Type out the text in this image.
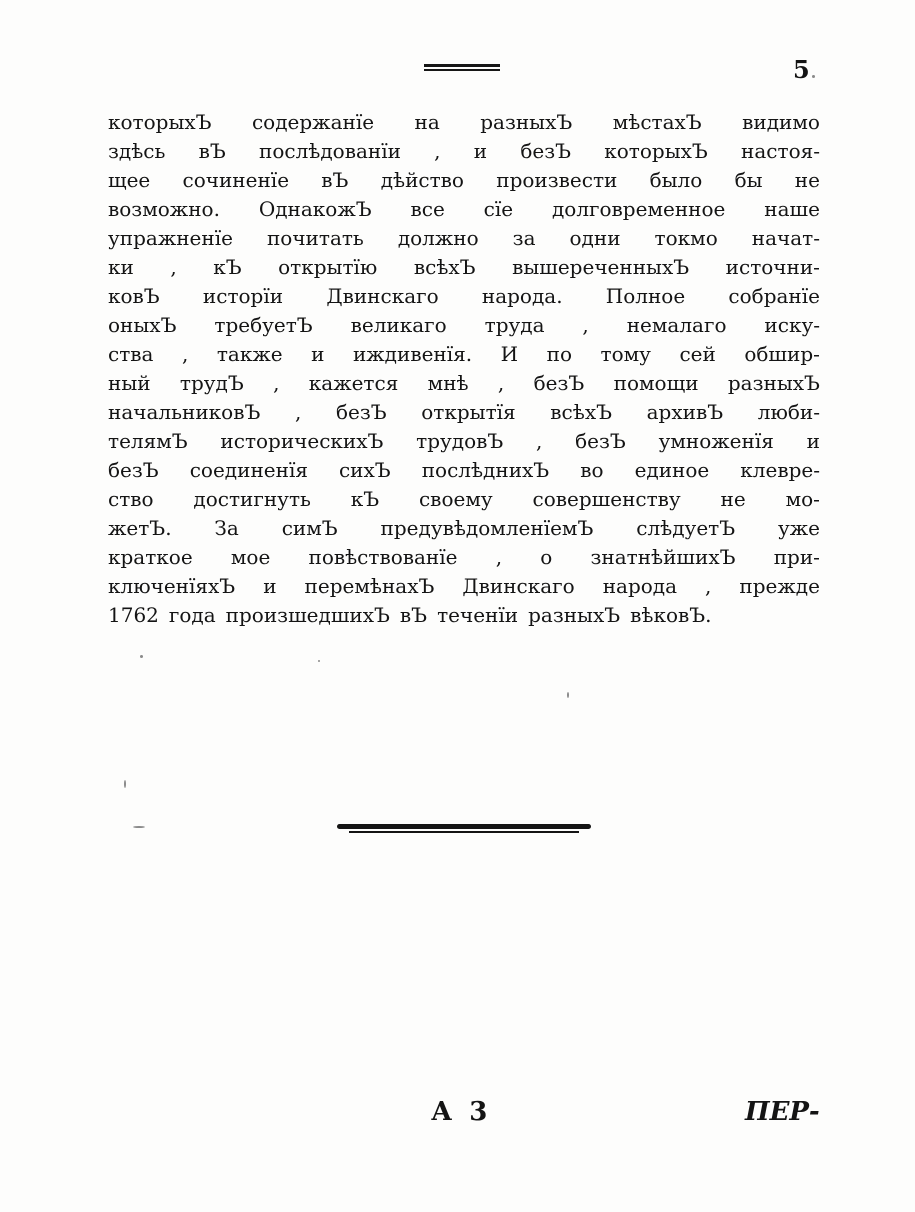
5
которыхЪ содержанїе на разныхЪ мѣстахЪ видимо
здѣсь вЪ послѣдованїи , и безЪ которыхЪ настоя-
щее сочиненїе вЪ дѣйство произвести было бы не
возможно. ОднакожЪ все сїе долговременное наше
упражненїе почитать должно за одни токмо начат-
ки , кЪ открытїю всѣхЪ вышереченныхЪ источни-
ковЪ исторїи Двинскаго народа. Полное собранїе
оныхЪ требуетЪ великаго труда , немалаго иску-
ства , такжe и иждивенїя. И по тому сей обшир-
ный трудЪ , кажется мнѣ , безЪ помощи разныхЪ
начальниковЪ , безЪ открытїя всѣхЪ архивЪ люби-
телямЪ историческихЪ трудовЪ , безЪ умноженїя и
безЪ соединенїя сихЪ послѣднихЪ во единое клевре-
ство достигнуть кЪ своему совершенству не мо-
жетЪ. За симЪ предувѣдомленїемЪ слѣдуетЪ уже
краткое мое повѣствованїе , о знатнѣйшихЪ при-
ключенїяхЪ и перемѣнахЪ Двинскаго народа , прежде
1762 года произшедшихЪ вЪ теченїи разныхЪ вѣковЪ.
А 3	ПЕР-
